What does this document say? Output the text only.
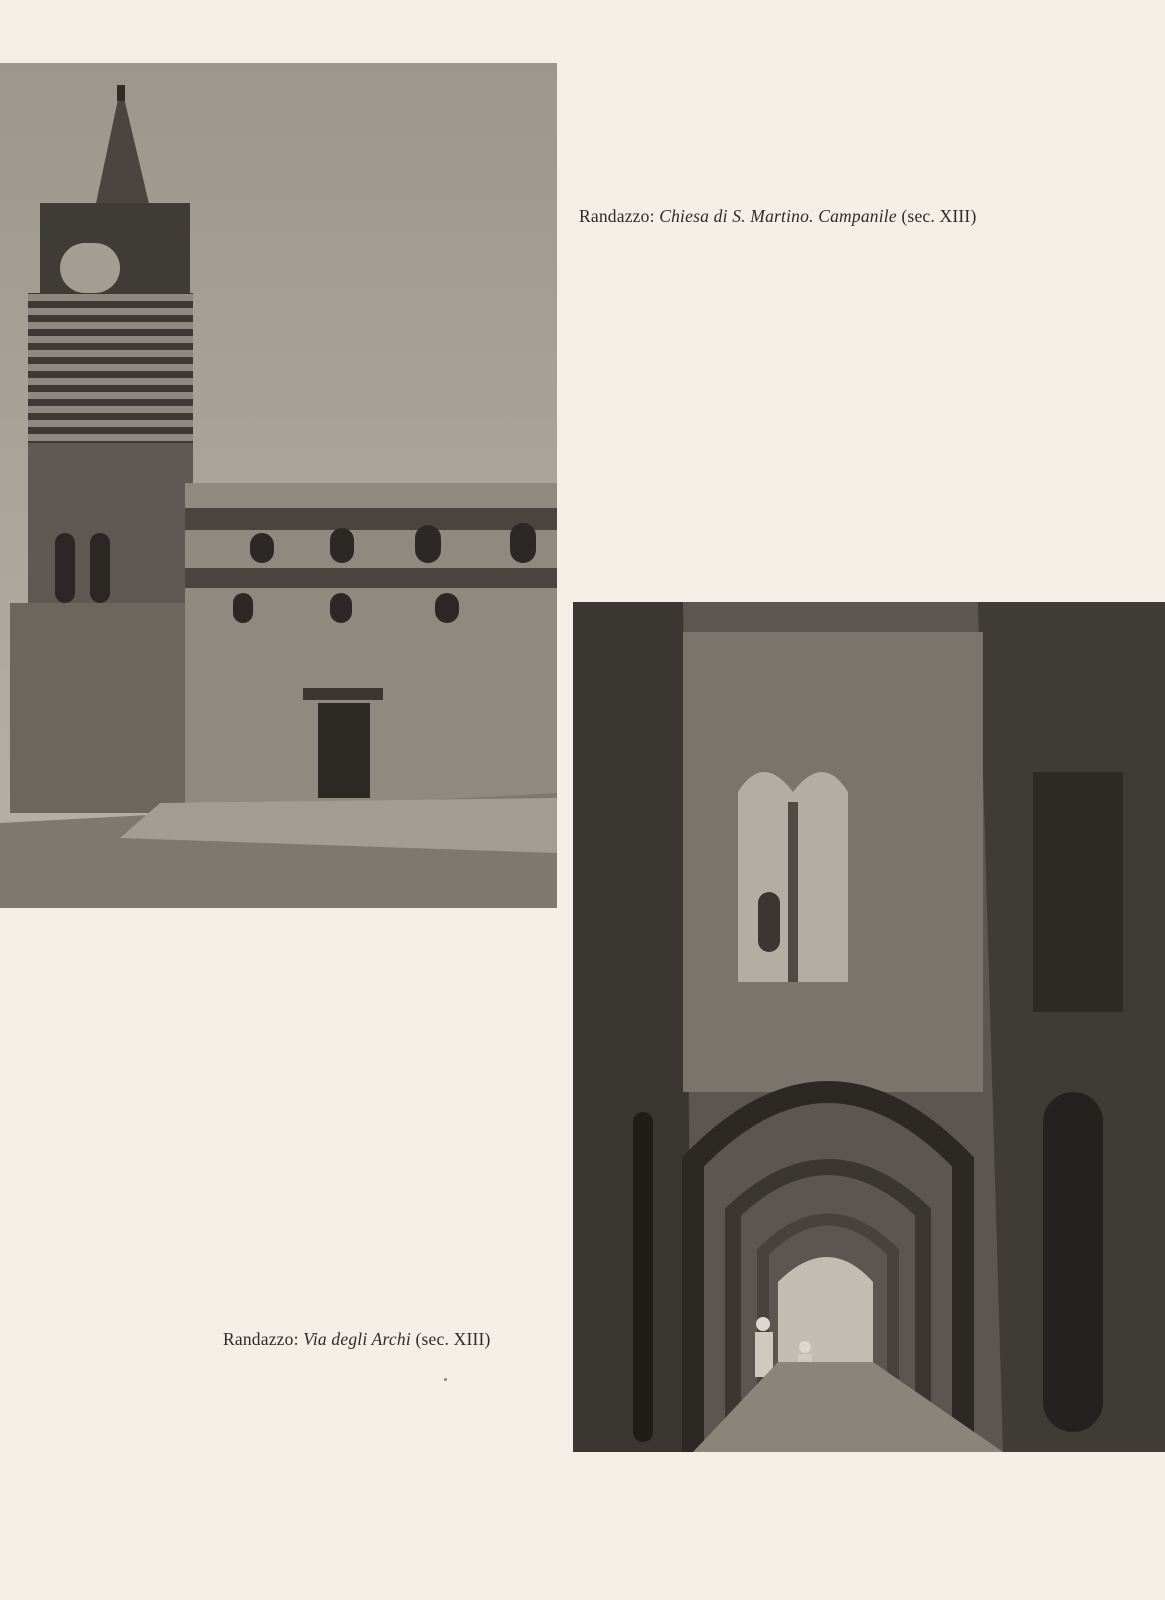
Randazzo: Chiesa di S. Martino. Campanile (sec. XIII)
Randazzo: Via degli Archi (sec. XIII)
